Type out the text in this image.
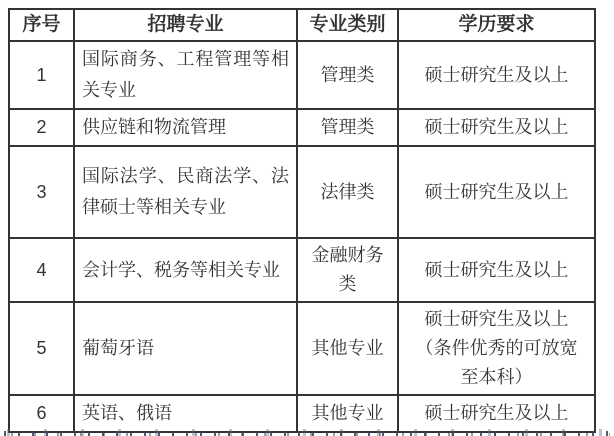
序号	招聘专业	专业类别	学历要求
1	国际商务、工程管理等相关专业	管理类	硕士研究生及以上
2	供应链和物流管理	管理类	硕士研究生及以上
3	国际法学、民商法学、法律硕士等相关专业	法律类	硕士研究生及以上
4	会计学、税务等相关专业	金融财务类	硕士研究生及以上
5	葡萄牙语	其他专业	硕士研究生及以上（条件优秀的可放宽至本科）
6	英语、俄语	其他专业	硕士研究生及以上
